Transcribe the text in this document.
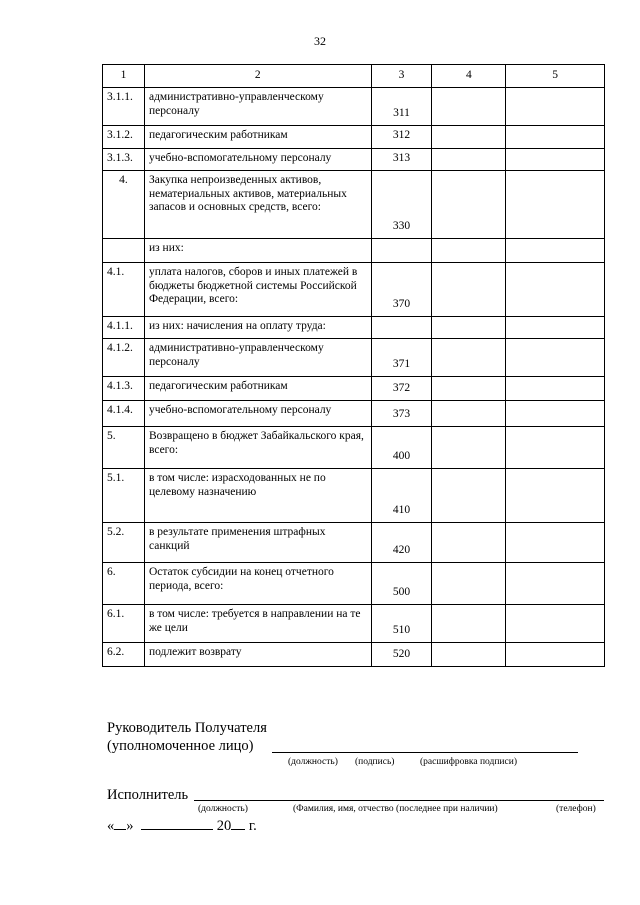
32
1	2	3	4	5
3.1.1.	административно-управленческому персоналу	311		
3.1.2.	педагогическим работникам	312		
3.1.3.	учебно-вспомогательному персоналу	313		
4.	Закупка непроизведенных активов, нематериальных активов, материальных запасов и основных средств, всего:	330		
	из них:			
4.1.	уплата налогов, сборов и иных платежей в бюджеты бюджетной системы Российской Федерации, всего:	370		
4.1.1.	из них: начисления на оплату труда:			
4.1.2.	административно-управленческому персоналу	371		
4.1.3.	педагогическим работникам	372		
4.1.4.	учебно-вспомогательному персоналу	373		
5.	Возвращено в бюджет Забайкальского края, всего:	400		
5.1.	в том числе: израсходованных не по целевому назначению	410		
5.2.	в результате применения штрафных санкций	420		
6.	Остаток субсидии на конец отчетного периода, всего:	500		
6.1.	в том числе: требуется в направлении на те же цели	510		
6.2.	подлежит возврату	520		
Руководитель Получателя
(уполномоченное лицо)
(должность) (подпись)	(расшифровка подписи)
Исполнитель
(должность)	(Фамилия, имя, отчество (последнее при наличии)	(телефон)
« »	20 г.
